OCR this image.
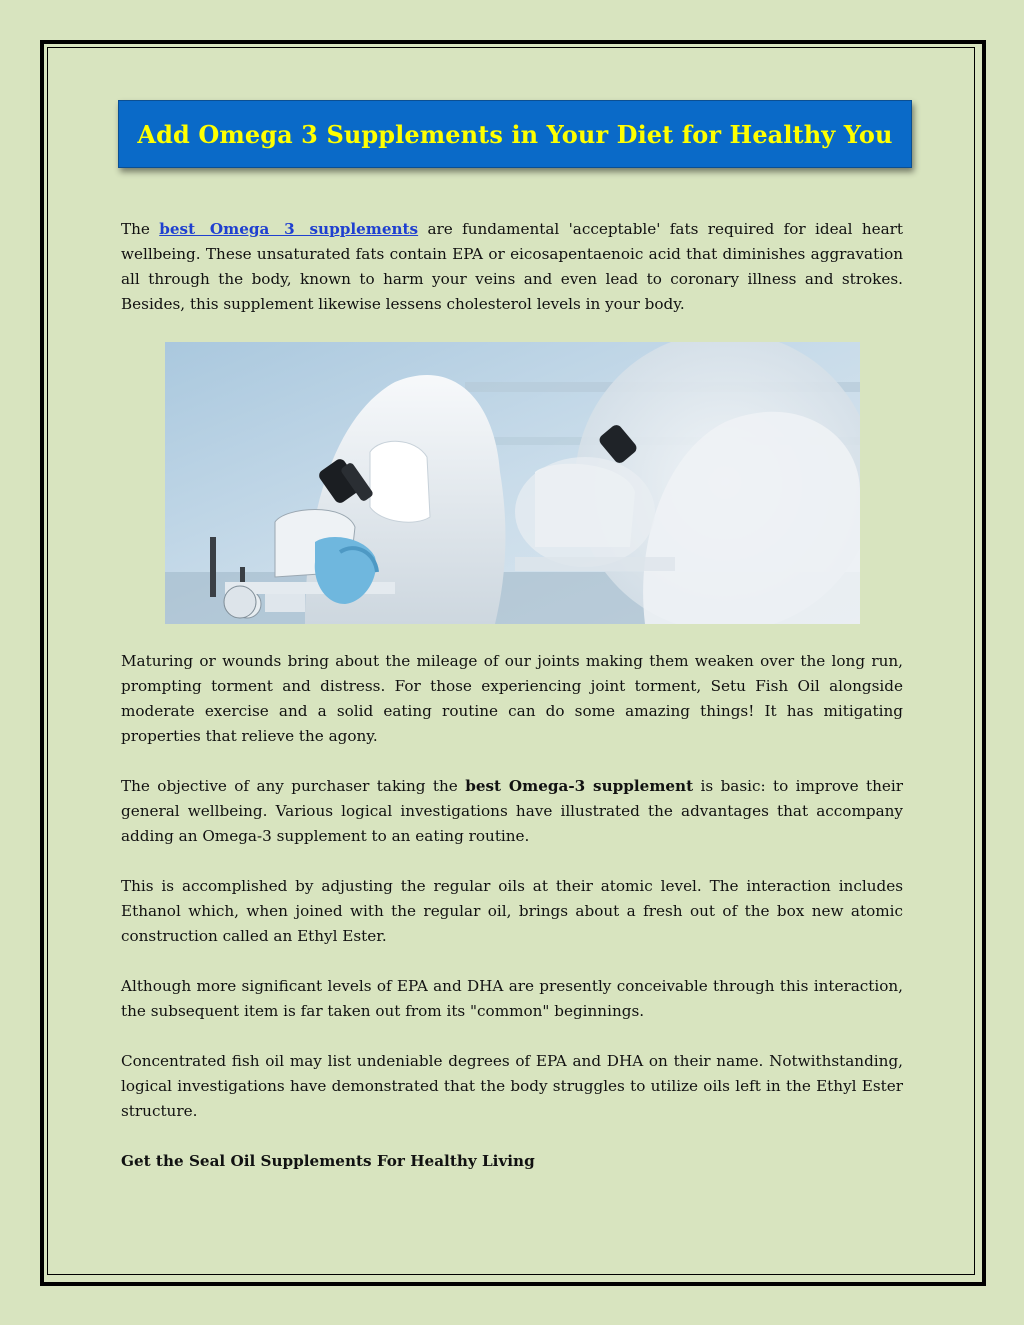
Add Omega 3 Supplements in Your Diet for Healthy You

The best Omega 3 supplements are fundamental 'acceptable' fats required for ideal heart wellbeing. These unsaturated fats contain EPA or eicosapentaenoic acid that diminishes aggravation all through the body, known to harm your veins and even lead to coronary illness and strokes. Besides, this supplement likewise lessens cholesterol levels in your body.

Maturing or wounds bring about the mileage of our joints making them weaken over the long run, prompting torment and distress. For those experiencing joint torment, Setu Fish Oil alongside moderate exercise and a solid eating routine can do some amazing things! It has mitigating properties that relieve the agony.

The objective of any purchaser taking the best Omega-3 supplement is basic: to improve their general wellbeing. Various logical investigations have illustrated the advantages that accompany adding an Omega-3 supplement to an eating routine.

This is accomplished by adjusting the regular oils at their atomic level. The interaction includes Ethanol which, when joined with the regular oil, brings about a fresh out of the box new atomic construction called an Ethyl Ester.

Although more significant levels of EPA and DHA are presently conceivable through this interaction, the subsequent item is far taken out from its "common" beginnings.

Concentrated fish oil may list undeniable degrees of EPA and DHA on their name. Notwithstanding, logical investigations have demonstrated that the body struggles to utilize oils left in the Ethyl Ester structure.

Get the Seal Oil Supplements For Healthy Living
